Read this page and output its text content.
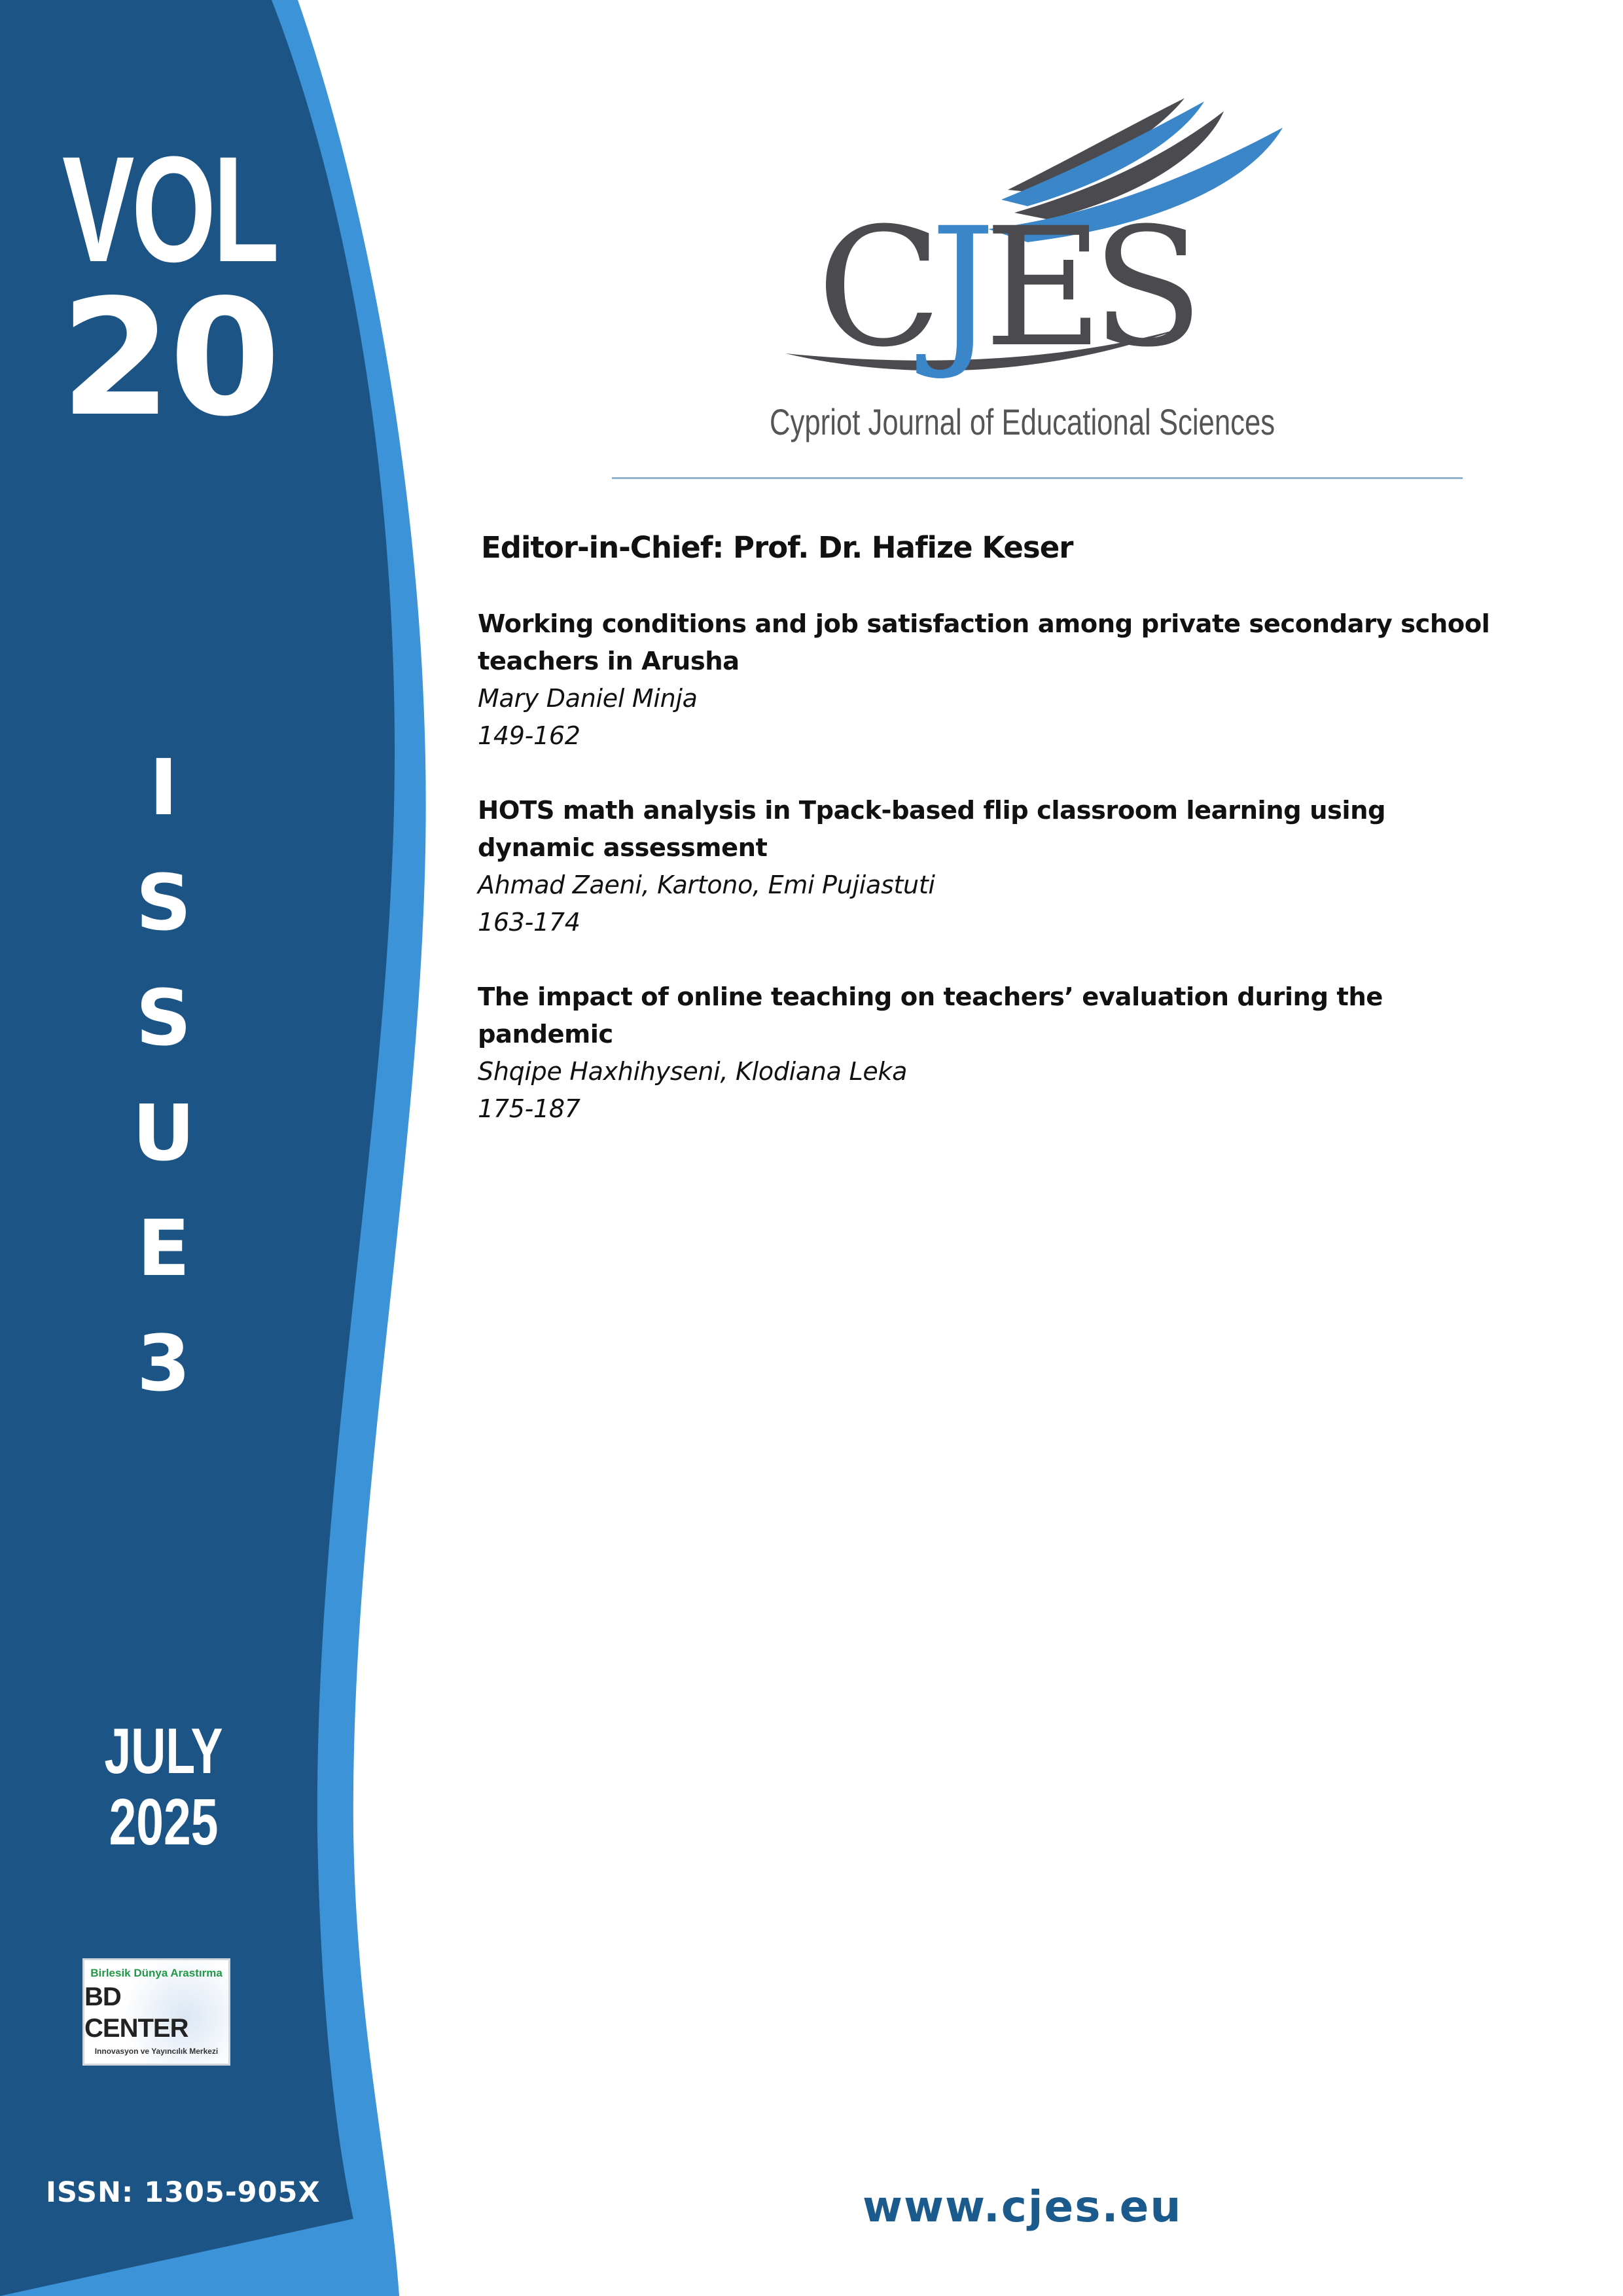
VOL
20
I
S
S
U
E
3
JULY
2025
Birlesik Dünya Arastırma
BD CENTER
Innovasyon ve Yayıncılık Merkezi
ISSN: 1305-905X
CJES
Cypriot Journal of Educational Sciences
Editor-in-Chief: Prof. Dr. Hafize Keser
Working conditions and job satisfaction among private secondary school teachers in Arusha
Mary Daniel Minja
149-162
HOTS math analysis in Tpack-based flip classroom learning using dynamic assessment
Ahmad Zaeni, Kartono, Emi Pujiastuti
163-174
The impact of online teaching on teachers’ evaluation during the pandemic
Shqipe Haxhihyseni, Klodiana Leka
175-187
www.cjes.eu
